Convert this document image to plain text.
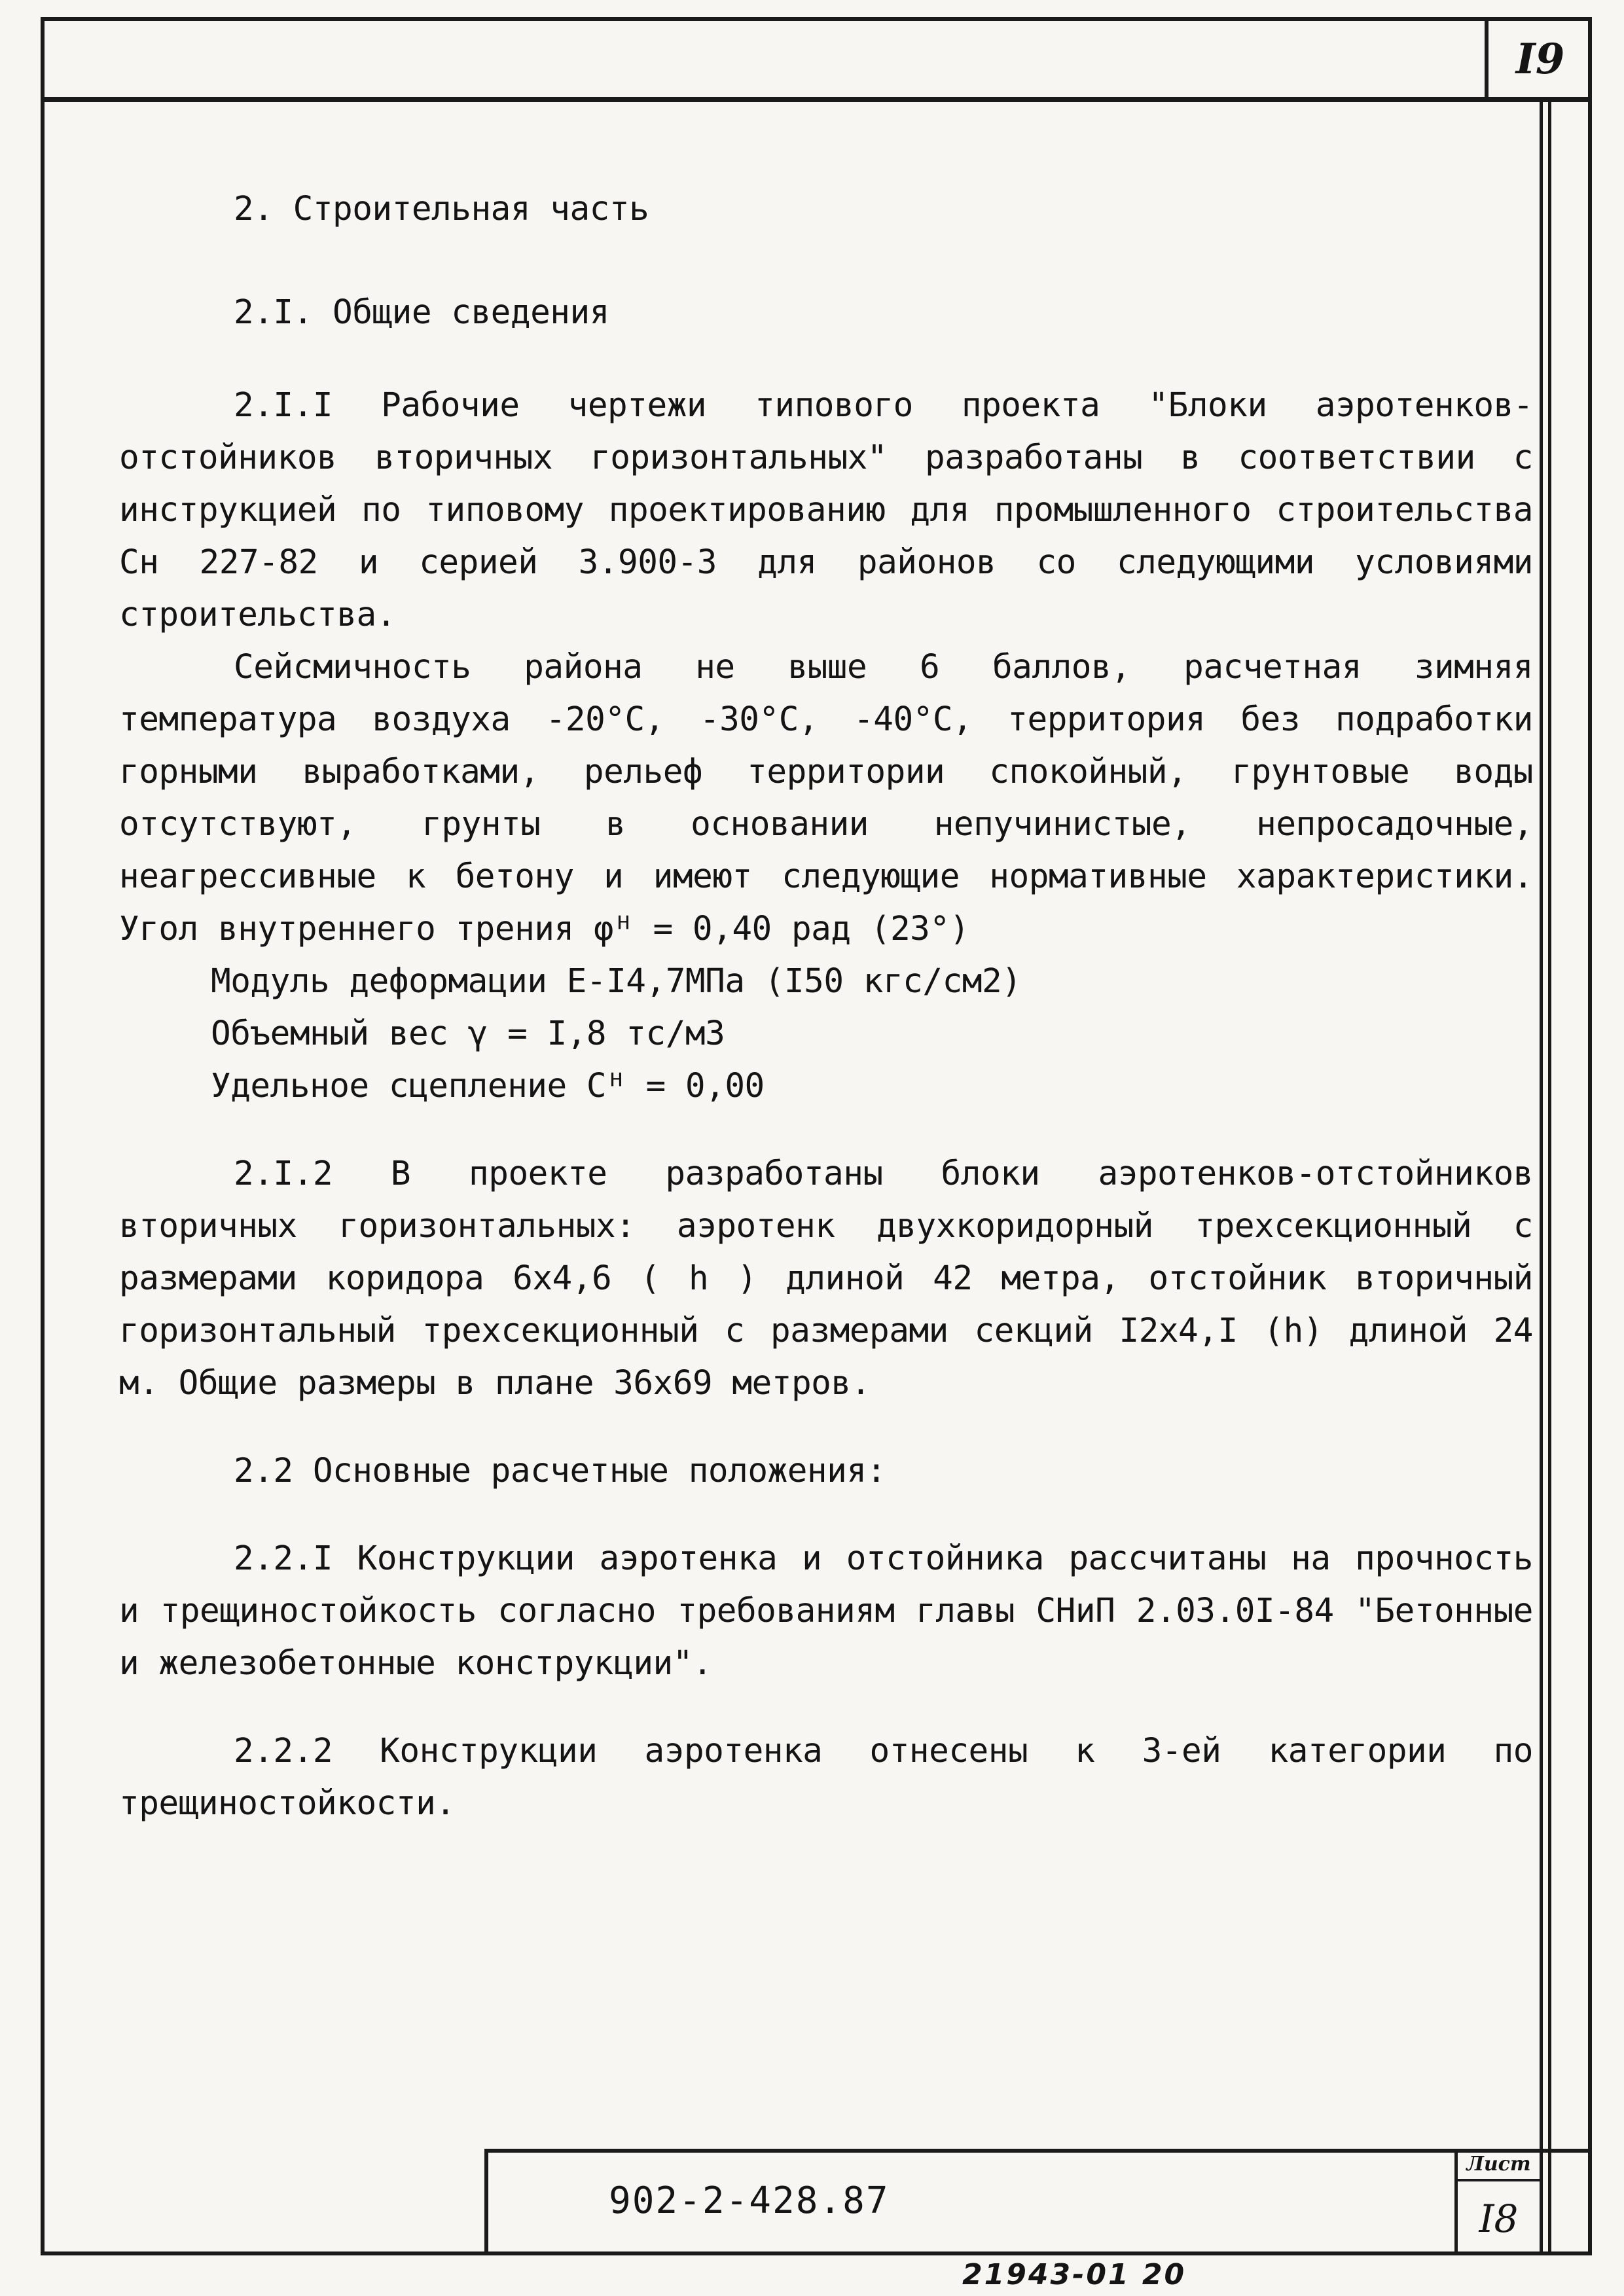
I9

2. Строительная часть

2.I. Общие сведения

2.I.I Рабочие чертежи типового проекта "Блоки аэротенков-отстойников вторичных горизонтальных" разработаны в соответствии с инструкцией по типовому проектированию для промышленного строительства Сн 227-82 и серией 3.900-3 для районов со следующими условиями строительства.

Сейсмичность района не выше 6 баллов, расчетная зимняя температура воздуха -20°С, -30°С, -40°С, территория без подработки горными выработками, рельеф территории спокойный, грунтовые воды отсутствуют, грунты в основании непучинистые, непросадочные, неагрессивные к бетону и имеют следующие нормативные характеристики. Угол внутреннего трения φᴴ = 0,40 рад (23°)

Модуль деформации Е-I4,7МПа (I50 кгс/см2)

Объемный вес γ = I,8 тс/м3

Удельное сцепление Сᴴ = 0,00

2.I.2 В проекте разработаны блоки аэротенков-отстойников вторичных горизонтальных: аэротенк двухкоридорный трехсекционный с размерами коридора 6х4,6 ( h ) длиной 42 метра, отстойник вторичный горизонтальный трехсекционный с размерами секций I2х4,I (h) длиной 24 м. Общие размеры в плане 36х69 метров.

2.2 Основные расчетные положения:

2.2.I Конструкции аэротенка и отстойника рассчитаны на прочность и трещиностойкость согласно требованиям главы СНиП 2.03.0I-84 "Бетонные и железобетонные конструкции".

2.2.2 Конструкции аэротенка отнесены к 3-ей категории по трещиностойкости.

902-2-428.87
Лист
I8
21943-01 20
